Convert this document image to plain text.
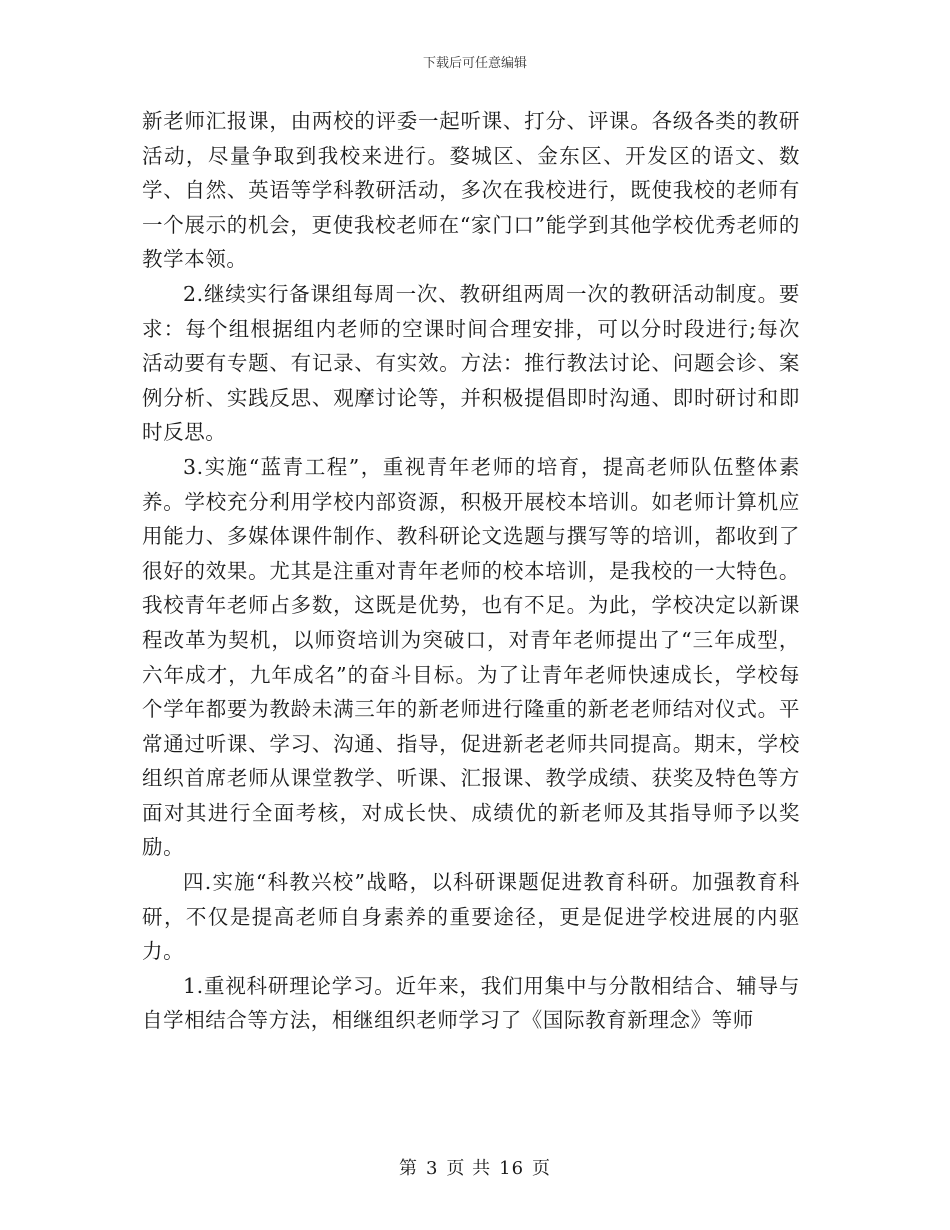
下载后可任意编辑

新老师汇报课，由两校的评委一起听课、打分、评课。各级各类的教研活动，尽量争取到我校来进行。婺城区、金东区、开发区的语文、数学、自然、英语等学科教研活动，多次在我校进行，既使我校的老师有一个展示的机会，更使我校老师在“家门口”能学到其他学校优秀老师的教学本领。

2.继续实行备课组每周一次、教研组两周一次的教研活动制度。要求：每个组根据组内老师的空课时间合理安排，可以分时段进行;每次活动要有专题、有记录、有实效。方法：推行教法讨论、问题会诊、案例分析、实践反思、观摩讨论等，并积极提倡即时沟通、即时研讨和即时反思。

3.实施“蓝青工程”，重视青年老师的培育，提高老师队伍整体素养。学校充分利用学校内部资源，积极开展校本培训。如老师计算机应用能力、多媒体课件制作、教科研论文选题与撰写等的培训，都收到了很好的效果。尤其是注重对青年老师的校本培训，是我校的一大特色。我校青年老师占多数，这既是优势，也有不足。为此，学校决定以新课程改革为契机，以师资培训为突破口，对青年老师提出了“三年成型，六年成才，九年成名”的奋斗目标。为了让青年老师快速成长，学校每个学年都要为教龄未满三年的新老师进行隆重的新老老师结对仪式。平常通过听课、学习、沟通、指导，促进新老老师共同提高。期末，学校组织首席老师从课堂教学、听课、汇报课、教学成绩、获奖及特色等方面对其进行全面考核，对成长快、成绩优的新老师及其指导师予以奖励。

四.实施“科教兴校”战略，以科研课题促进教育科研。加强教育科研，不仅是提高老师自身素养的重要途径，更是促进学校进展的内驱力。

1.重视科研理论学习。近年来，我们用集中与分散相结合、辅导与自学相结合等方法，相继组织老师学习了《国际教育新理念》等师

第 3 页 共 16 页
